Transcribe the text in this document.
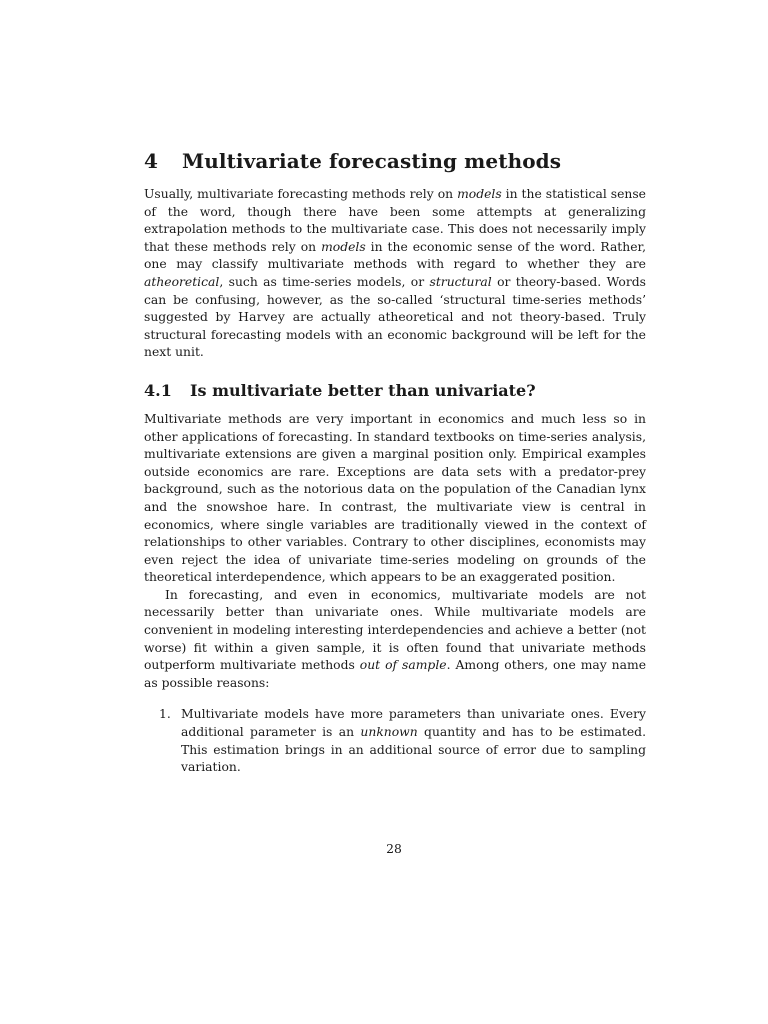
4 Multivariate forecasting methods

Usually, multivariate forecasting methods rely on models in the statistical sense of the word, though there have been some attempts at generalizing extrapolation methods to the multivariate case. This does not necessarily imply that these methods rely on models in the economic sense of the word. Rather, one may classify multivariate methods with regard to whether they are atheoretical, such as time-series models, or structural or theory-based. Words can be confusing, however, as the so-called ‘structural time-series methods’ suggested by Harvey are actually atheoretical and not theory-based. Truly structural forecasting models with an economic background will be left for the next unit.

4.1 Is multivariate better than univariate?

Multivariate methods are very important in economics and much less so in other applications of forecasting. In standard textbooks on time-series analysis, multivariate extensions are given a marginal position only. Empirical examples outside economics are rare. Exceptions are data sets with a predator-prey background, such as the notorious data on the population of the Canadian lynx and the snowshoe hare. In contrast, the multivariate view is central in economics, where single variables are traditionally viewed in the context of relationships to other variables. Contrary to other disciplines, economists may even reject the idea of univariate time-series modeling on grounds of the theoretical interdependence, which appears to be an exaggerated position.

In forecasting, and even in economics, multivariate models are not necessarily better than univariate ones. While multivariate models are convenient in modeling interesting interdependencies and achieve a better (not worse) fit within a given sample, it is often found that univariate methods outperform multivariate methods out of sample. Among others, one may name as possible reasons:

1. Multivariate models have more parameters than univariate ones. Every additional parameter is an unknown quantity and has to be estimated. This estimation brings in an additional source of error due to sampling variation.

28
